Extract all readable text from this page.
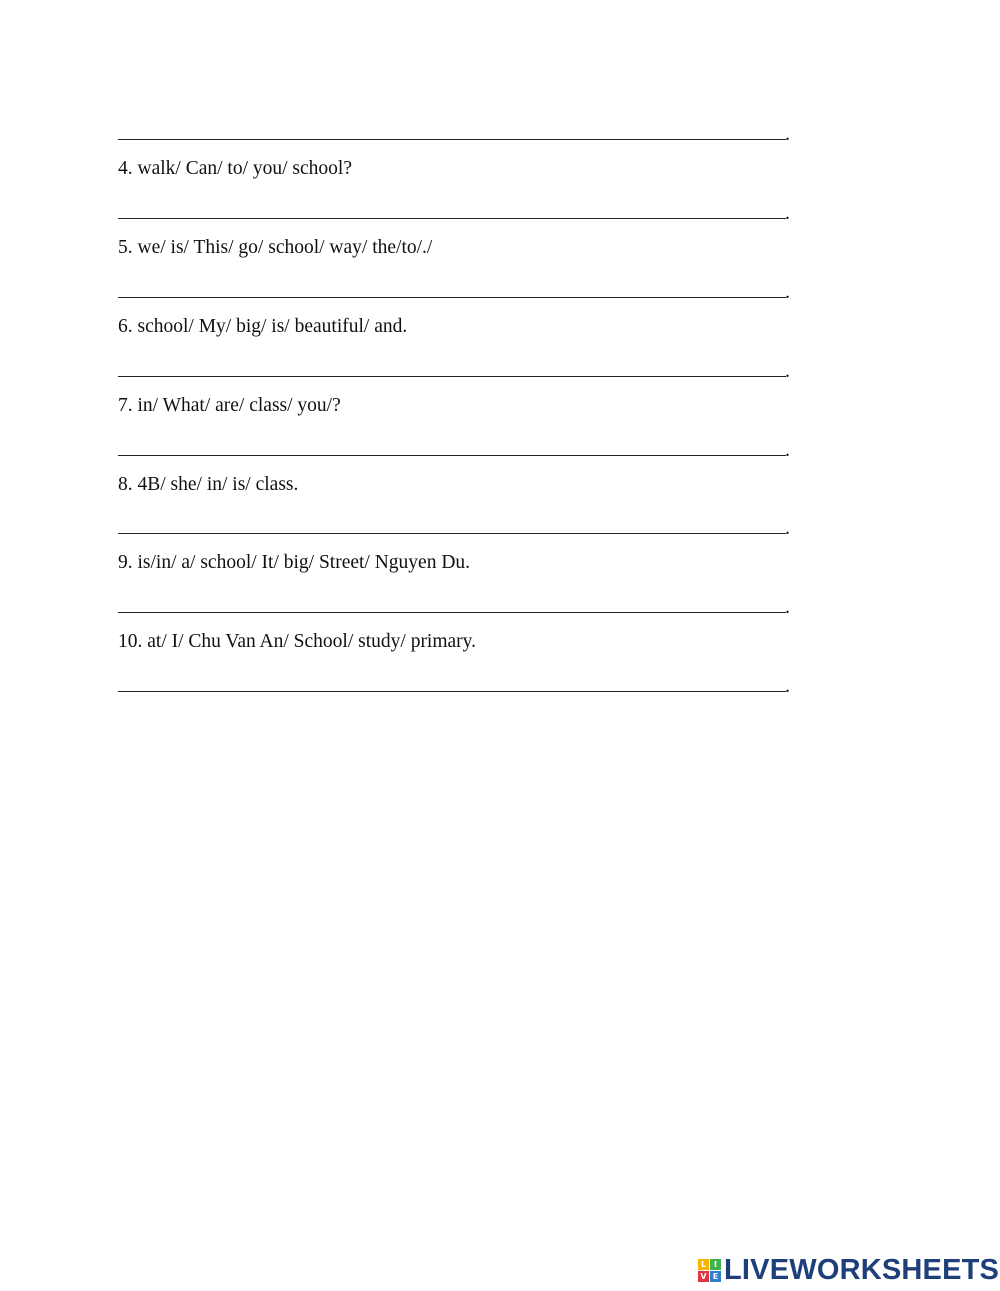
.
4. walk/ Can/ to/ you/ school?
.
5. we/ is/ This/ go/ school/ way/ the/to/./
.
6. school/ My/ big/ is/ beautiful/ and.
.
7. in/ What/ are/ class/ you/?
.
8. 4B/ she/ in/ is/ class.
.
9. is/in/ a/ school/ It/ big/ Street/ Nguyen Du.
.
10. at/ I/ Chu Van An/ School/ study/ primary.
.
L I
V E LIVEWORKSHEETS
